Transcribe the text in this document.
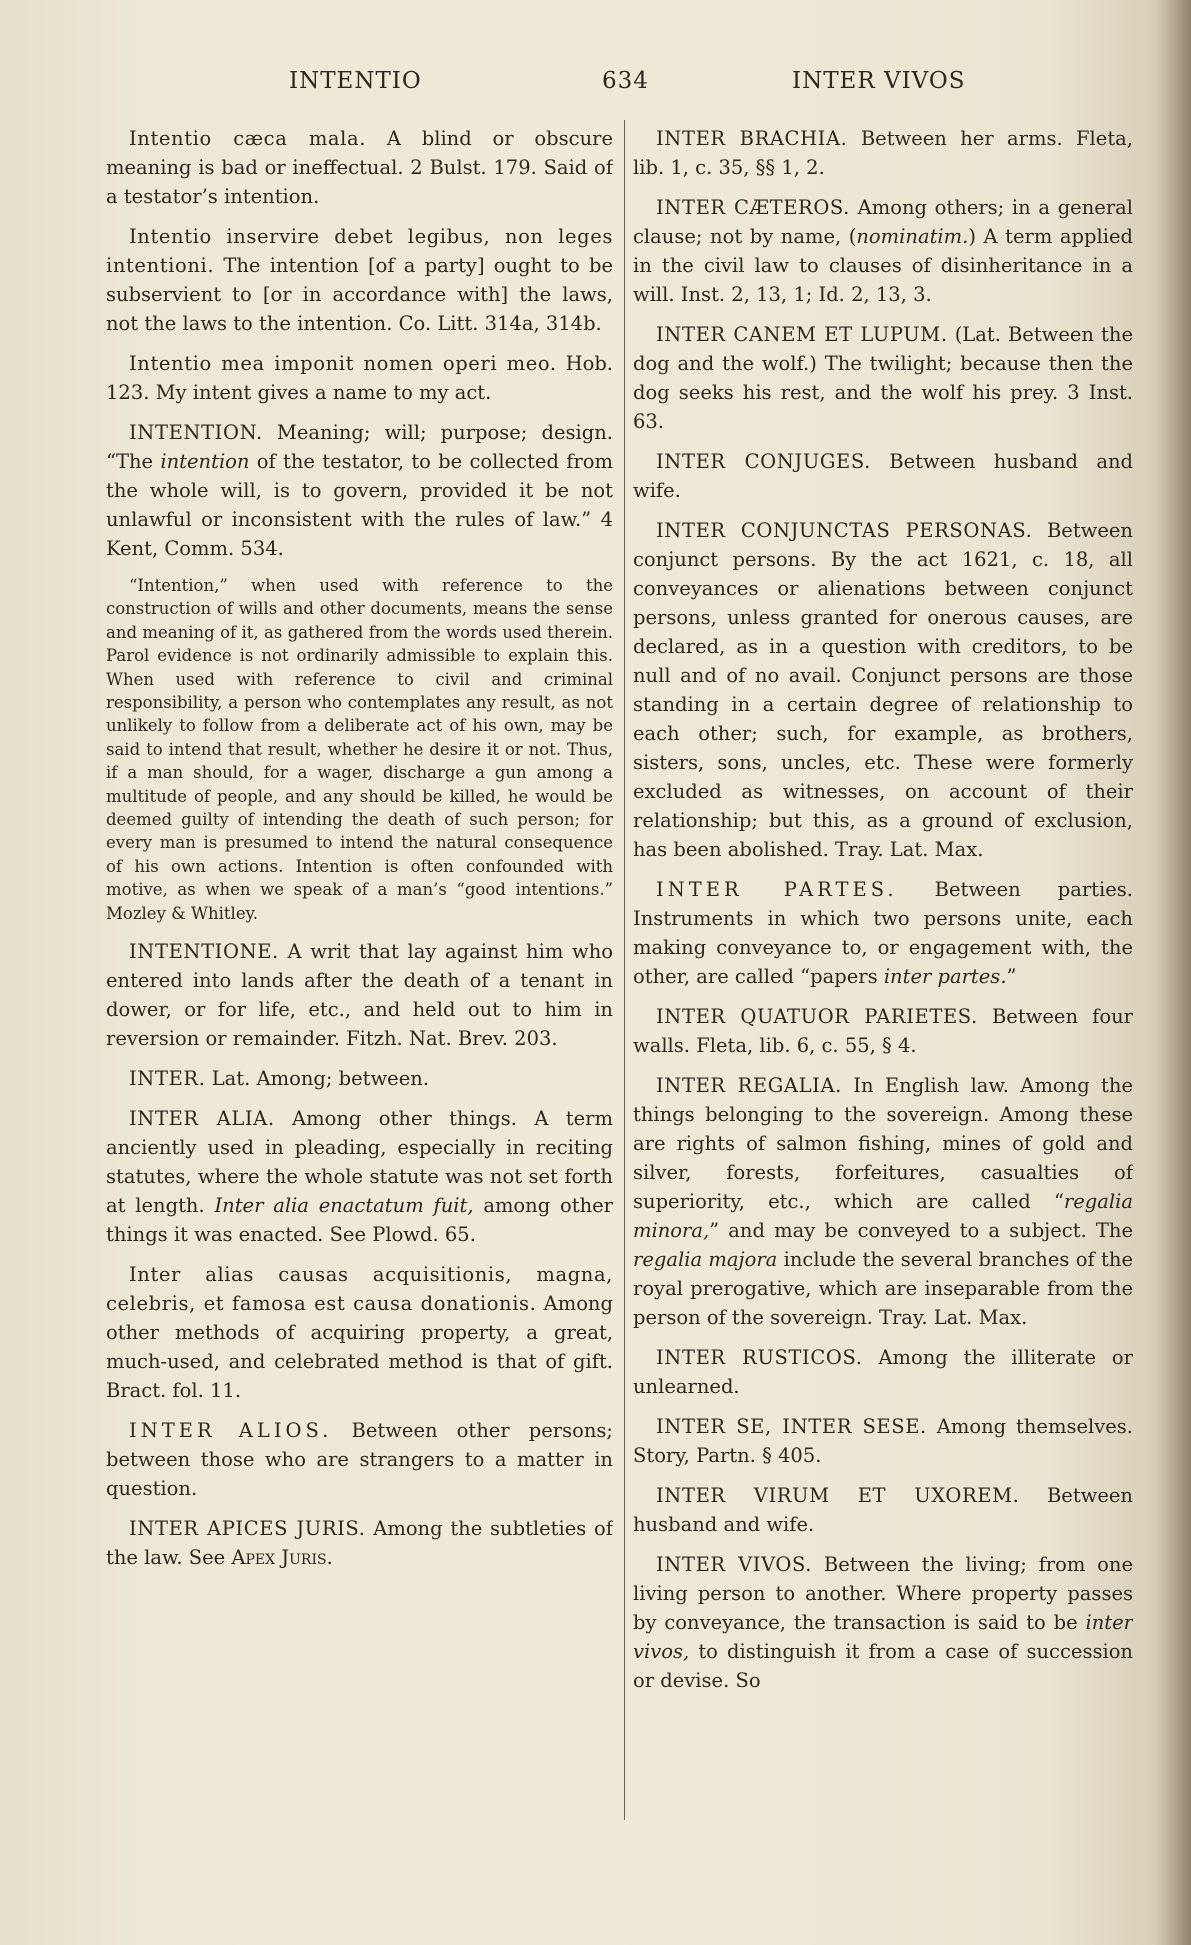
INTENTIO	634	INTER VIVOS

Intentio cæca mala. A blind or obscure meaning is bad or ineffectual. 2 Bulst. 179. Said of a testator’s intention.

Intentio inservire debet legibus, non leges intentioni. The intention [of a party] ought to be subservient to [or in accordance with] the laws, not the laws to the intention. Co. Litt. 314a, 314b.

Intentio mea imponit nomen operi meo. Hob. 123. My intent gives a name to my act.

INTENTION. Meaning; will; purpose; design. “The intention of the testator, to be collected from the whole will, is to govern, provided it be not unlawful or inconsistent with the rules of law.” 4 Kent, Comm. 534.

“Intention,” when used with reference to the construction of wills and other documents, means the sense and meaning of it, as gathered from the words used therein. Parol evidence is not ordinarily admissible to explain this. When used with reference to civil and criminal responsibility, a person who contemplates any result, as not unlikely to follow from a deliberate act of his own, may be said to intend that result, whether he desire it or not. Thus, if a man should, for a wager, discharge a gun among a multitude of people, and any should be killed, he would be deemed guilty of intending the death of such person; for every man is presumed to intend the natural consequence of his own actions. Intention is often confounded with motive, as when we speak of a man’s “good intentions.” Mozley & Whitley.

INTENTIONE. A writ that lay against him who entered into lands after the death of a tenant in dower, or for life, etc., and held out to him in reversion or remainder. Fitzh. Nat. Brev. 203.

INTER. Lat. Among; between.

INTER ALIA. Among other things. A term anciently used in pleading, especially in reciting statutes, where the whole statute was not set forth at length. Inter alia enactatum fuit, among other things it was enacted. See Plowd. 65.

Inter alias causas acquisitionis, magna, celebris, et famosa est causa donationis. Among other methods of acquiring property, a great, much-used, and celebrated method is that of gift. Bract. fol. 11.

INTER ALIOS. Between other persons; between those who are strangers to a matter in question.

INTER APICES JURIS. Among the subtleties of the law. See Apex Juris.

INTER BRACHIA. Between her arms. Fleta, lib. 1, c. 35, §§ 1, 2.

INTER CÆTEROS. Among others; in a general clause; not by name, (nominatim.) A term applied in the civil law to clauses of disinheritance in a will. Inst. 2, 13, 1; Id. 2, 13, 3.

INTER CANEM ET LUPUM. (Lat. Between the dog and the wolf.) The twilight; because then the dog seeks his rest, and the wolf his prey. 3 Inst. 63.

INTER CONJUGES. Between husband and wife.

INTER CONJUNCTAS PERSONAS. Between conjunct persons. By the act 1621, c. 18, all conveyances or alienations between conjunct persons, unless granted for onerous causes, are declared, as in a question with creditors, to be null and of no avail. Conjunct persons are those standing in a certain degree of relationship to each other; such, for example, as brothers, sisters, sons, uncles, etc. These were formerly excluded as witnesses, on account of their relationship; but this, as a ground of exclusion, has been abolished. Tray. Lat. Max.

INTER PARTES. Between parties. Instruments in which two persons unite, each making conveyance to, or engagement with, the other, are called “papers inter partes.”

INTER QUATUOR PARIETES. Between four walls. Fleta, lib. 6, c. 55, § 4.

INTER REGALIA. In English law. Among the things belonging to the sovereign. Among these are rights of salmon fishing, mines of gold and silver, forests, forfeitures, casualties of superiority, etc., which are called “regalia minora,” and may be conveyed to a subject. The regalia majora include the several branches of the royal prerogative, which are inseparable from the person of the sovereign. Tray. Lat. Max.

INTER RUSTICOS. Among the illiterate or unlearned.

INTER SE, INTER SESE. Among themselves. Story, Partn. § 405.

INTER VIRUM ET UXOREM. Between husband and wife.

INTER VIVOS. Between the living; from one living person to another. Where property passes by conveyance, the transaction is said to be inter vivos, to distinguish it from a case of succession or devise. So
